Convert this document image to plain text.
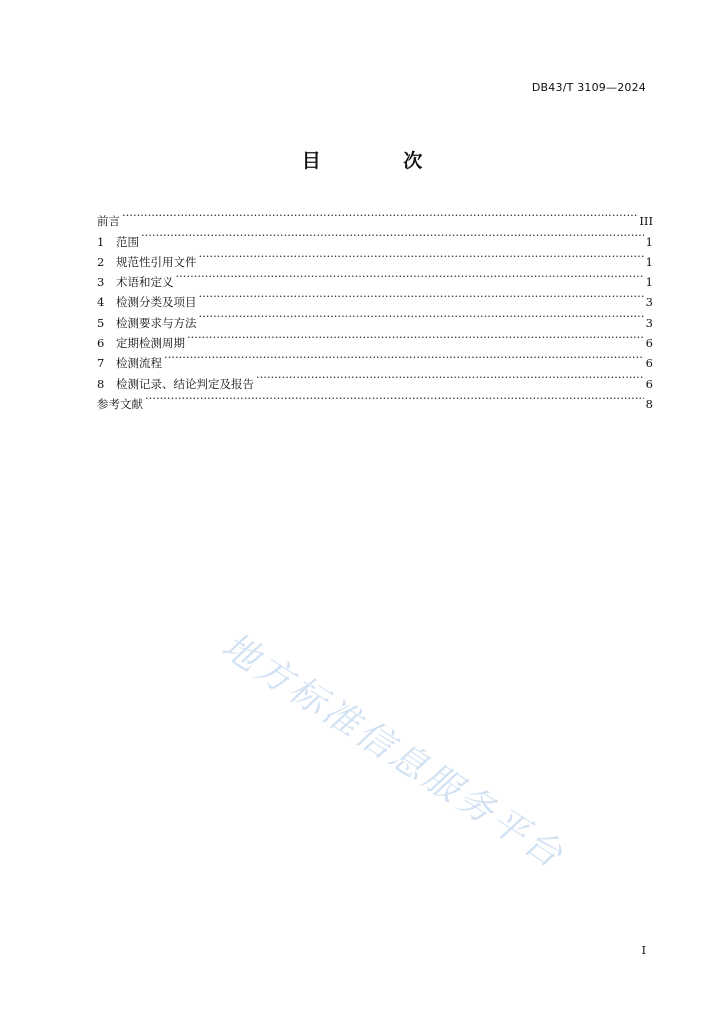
DB43/T 3109—2024
目 次
前言 ·····	III
1	范围 ·····	1
2	规范性引用文件 ·····	1
3	术语和定义 ·····	1
4	检测分类及项目 ·····	3
5	检测要求与方法 ·····	3
6	定期检测周期 ·····	6
7	检测流程 ·····	6
8	检测记录、结论判定及报告 ·····	6
参考文献 ·····	8
地方标准信息服务平台
I
